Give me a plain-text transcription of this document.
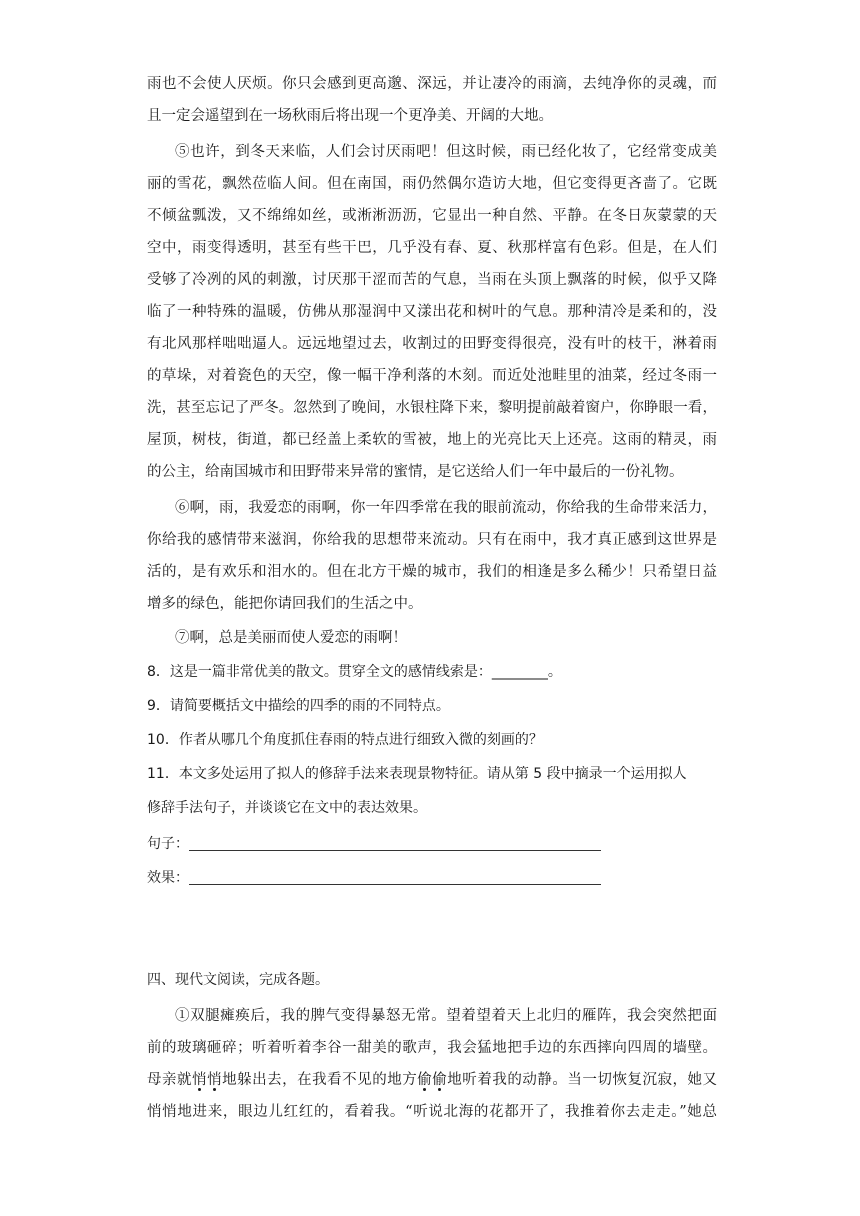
雨也不会使人厌烦。你只会感到更高邈、深远，并让凄冷的雨滴，去纯净你的灵魂，而
且一定会遥望到在一场秋雨后将出现一个更净美、开阔的大地。
⑤也许，到冬天来临，人们会讨厌雨吧！但这时候，雨已经化妆了，它经常变成美
丽的雪花，飘然莅临人间。但在南国，雨仍然偶尔造访大地，但它变得更吝啬了。它既
不倾盆瓢泼，又不绵绵如丝，或淅淅沥沥，它显出一种自然、平静。在冬日灰蒙蒙的天
空中，雨变得透明，甚至有些干巴，几乎没有春、夏、秋那样富有色彩。但是，在人们
受够了冷冽的风的刺激，讨厌那干涩而苦的气息，当雨在头顶上飘落的时候，似乎又降
临了一种特殊的温暖，仿佛从那湿润中又漾出花和树叶的气息。那种清冷是柔和的，没
有北风那样咄咄逼人。远远地望过去，收割过的田野变得很亮，没有叶的枝干，淋着雨
的草垛，对着瓷色的天空，像一幅干净利落的木刻。而近处池畦里的油菜，经过冬雨一
洗，甚至忘记了严冬。忽然到了晚间，水银柱降下来，黎明提前敲着窗户，你睁眼一看，
屋顶，树枝，街道，都已经盖上柔软的雪被，地上的光亮比天上还亮。这雨的精灵，雨
的公主，给南国城市和田野带来异常的蜜情，是它送给人们一年中最后的一份礼物。
⑥啊，雨，我爱恋的雨啊，你一年四季常在我的眼前流动，你给我的生命带来活力，
你给我的感情带来滋润，你给我的思想带来流动。只有在雨中，我才真正感到这世界是
活的，是有欢乐和泪水的。但在北方干燥的城市，我们的相逢是多么稀少！只希望日益
增多的绿色，能把你请回我们的生活之中。
⑦啊，总是美丽而使人爱恋的雨啊！
8．这是一篇非常优美的散文。贯穿全文的感情线索是：________。
9．请简要概括文中描绘的四季的雨的不同特点。
10．作者从哪几个角度抓住春雨的特点进行细致入微的刻画的？
11．本文多处运用了拟人的修辞手法来表现景物特征。请从第 5 段中摘录一个运用拟人
修辞手法句子，并谈谈它在文中的表达效果。
句子：
效果：
四、现代文阅读，完成各题。
①双腿瘫痪后，我的脾气变得暴怒无常。望着望着天上北归的雁阵，我会突然把面
前的玻璃砸碎；听着听着李谷一甜美的歌声，我会猛地把手边的东西摔向四周的墙壁。
母亲就悄悄地躲出去，在我看不见的地方偷偷地听着我的动静。当一切恢复沉寂，她又
悄悄地进来，眼边儿红红的，看着我。“听说北海的花都开了，我推着你去走走。”她总
